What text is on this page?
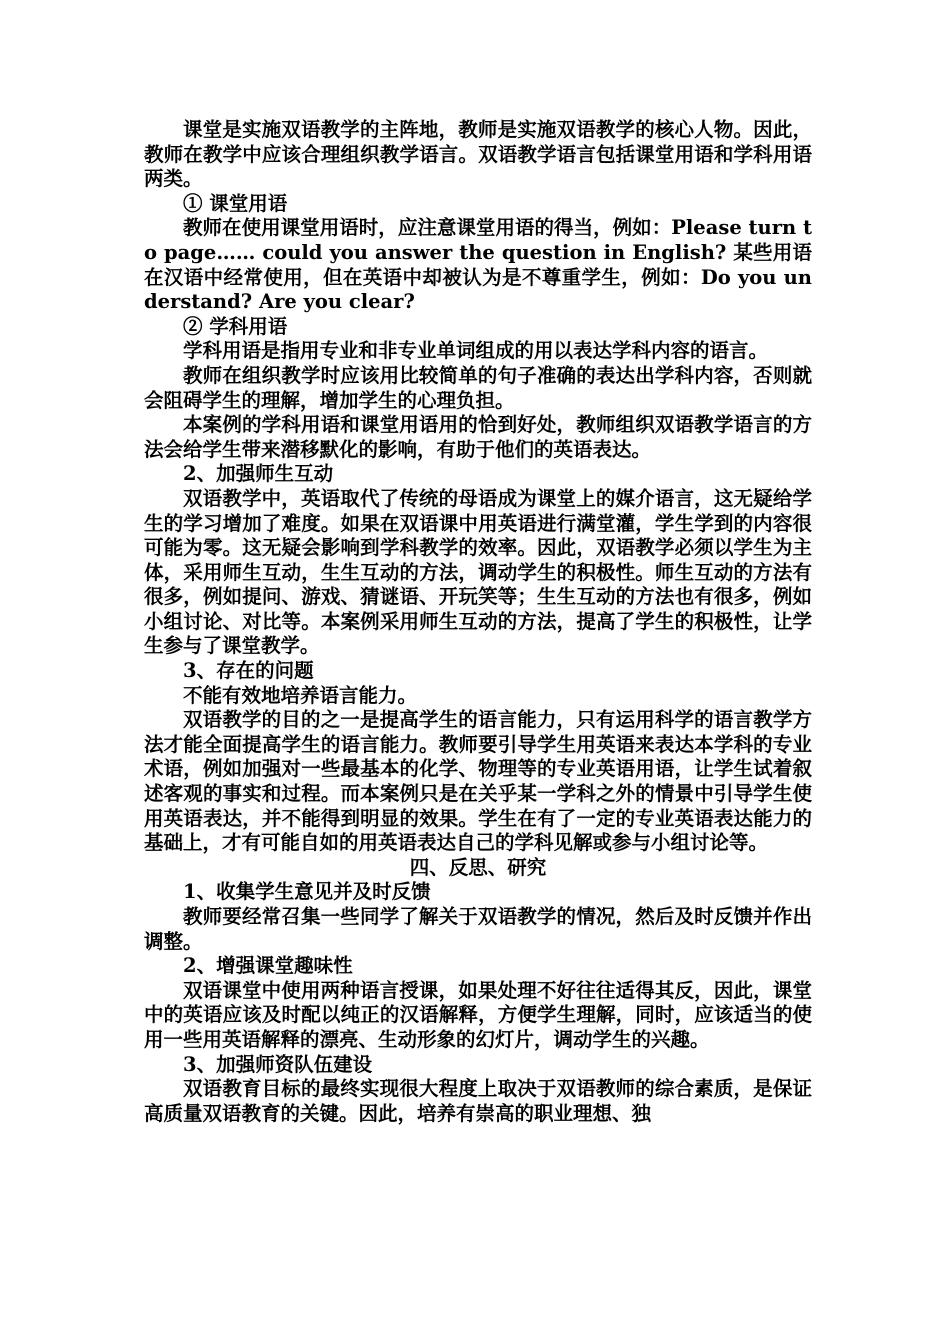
课堂是实施双语教学的主阵地，教师是实施双语教学的核心人物。因此，教师在教学中应该合理组织教学语言。双语教学语言包括课堂用语和学科用语两类。

① 课堂用语

教师在使用课堂用语时，应注意课堂用语的得当，例如：Please turn to page…… could you answer the question in English? 某些用语在汉语中经常使用，但在英语中却被认为是不尊重学生，例如：Do you understand? Are you clear?

② 学科用语

学科用语是指用专业和非专业单词组成的用以表达学科内容的语言。

教师在组织教学时应该用比较简单的句子准确的表达出学科内容，否则就会阻碍学生的理解，增加学生的心理负担。

本案例的学科用语和课堂用语用的恰到好处，教师组织双语教学语言的方法会给学生带来潜移默化的影响，有助于他们的英语表达。

2、加强师生互动

双语教学中，英语取代了传统的母语成为课堂上的媒介语言，这无疑给学生的学习增加了难度。如果在双语课中用英语进行满堂灌，学生学到的内容很可能为零。这无疑会影响到学科教学的效率。因此，双语教学必须以学生为主体，采用师生互动，生生互动的方法，调动学生的积极性。师生互动的方法有很多，例如提问、游戏、猜谜语、开玩笑等；生生互动的方法也有很多，例如小组讨论、对比等。本案例采用师生互动的方法，提高了学生的积极性，让学生参与了课堂教学。

3、存在的问题

不能有效地培养语言能力。

双语教学的目的之一是提高学生的语言能力，只有运用科学的语言教学方法才能全面提高学生的语言能力。教师要引导学生用英语来表达本学科的专业术语，例如加强对一些最基本的化学、物理等的专业英语用语，让学生试着叙述客观的事实和过程。而本案例只是在关乎某一学科之外的情景中引导学生使用英语表达，并不能得到明显的效果。学生在有了一定的专业英语表达能力的基础上，才有可能自如的用英语表达自己的学科见解或参与小组讨论等。

四、反思、研究

1、收集学生意见并及时反馈

教师要经常召集一些同学了解关于双语教学的情况，然后及时反馈并作出调整。

2、增强课堂趣味性

双语课堂中使用两种语言授课，如果处理不好往往适得其反，因此，课堂中的英语应该及时配以纯正的汉语解释，方便学生理解，同时，应该适当的使用一些用英语解释的漂亮、生动形象的幻灯片，调动学生的兴趣。

3、加强师资队伍建设

双语教育目标的最终实现很大程度上取决于双语教师的综合素质，是保证高质量双语教育的关键。因此，培养有崇高的职业理想、独
